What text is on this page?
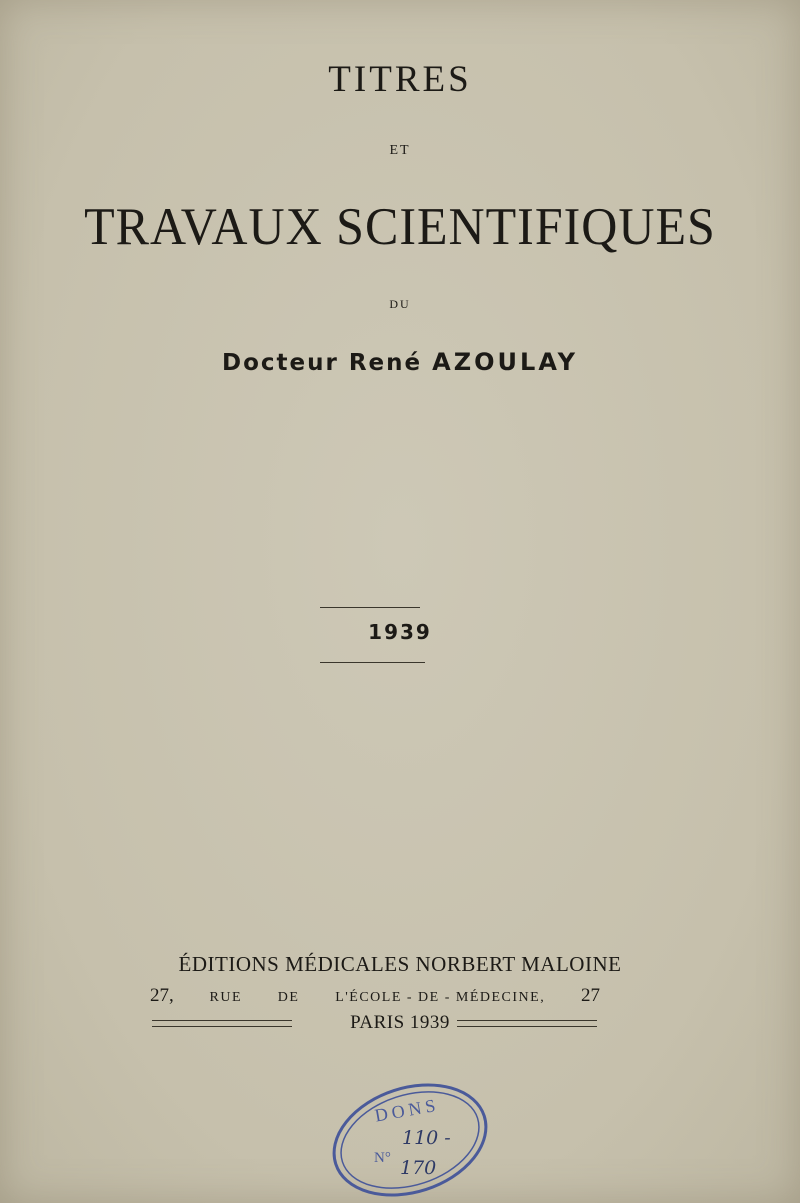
TITRES
ET
TRAVAUX SCIENTIFIQUES
DU
Docteur René AZOULAY
1939
ÉDITIONS MÉDICALES NORBERT MALOINE
27,	RUE	DE	L'ÉCOLE - DE - MÉDECINE, 27
PARIS 1939
DONS
N°
110 -
170
